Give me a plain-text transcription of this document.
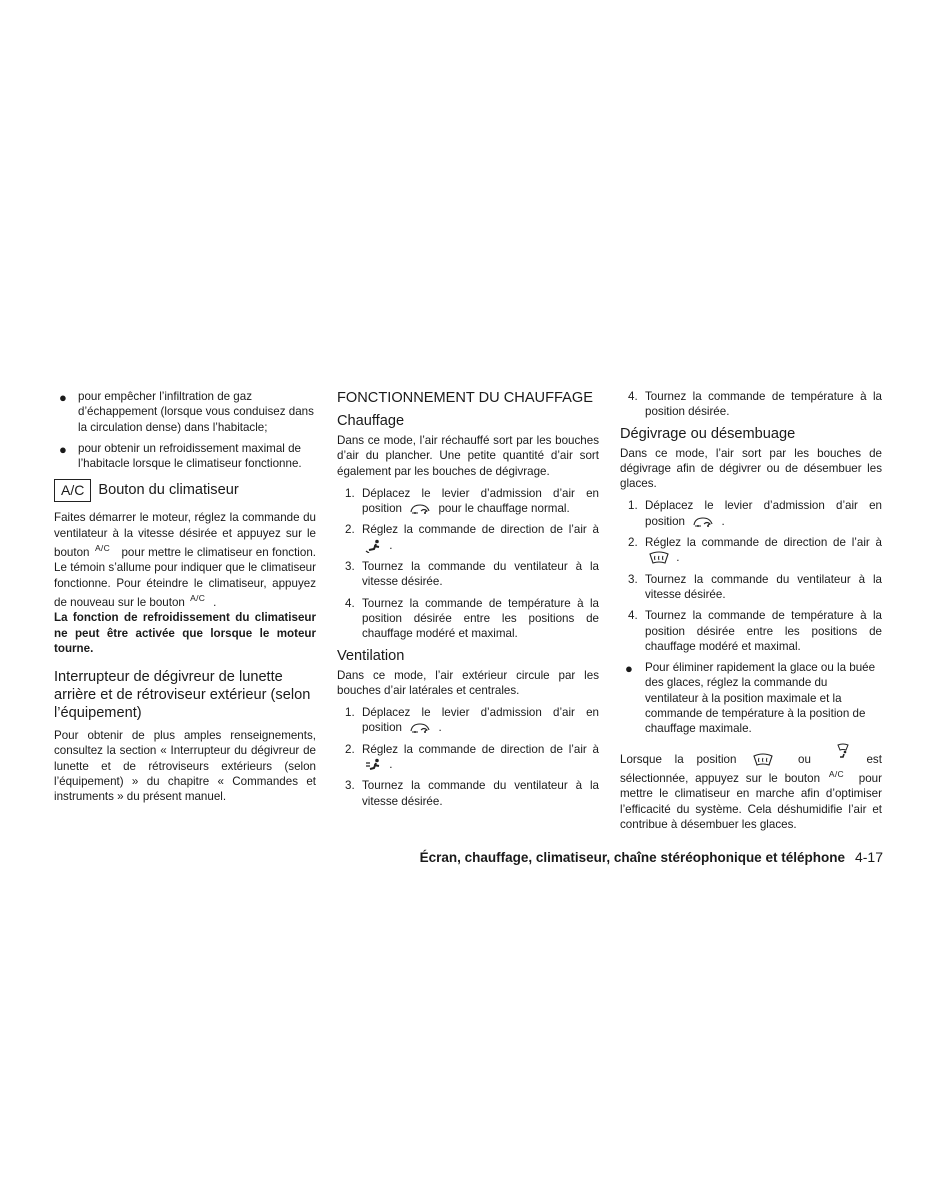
● pour empêcher l’infiltration de gaz d’échappement (lorsque vous conduisez dans la circulation dense) dans l’habitacle;
● pour obtenir un refroidissement maximal de l’habitacle lorsque le climatiseur fonctionne.
A/C Bouton du climatiseur

Faites démarrer le moteur, réglez la commande du ventilateur à la vitesse désirée et appuyez sur le bouton $^{A/C}$ pour mettre le climatiseur en fonction. Le témoin s’allume pour indiquer que le climatiseur fonctionne. Pour éteindre le climatiseur, appuyez de nouveau sur le bouton $^{A/C}$ .

La fonction de refroidissement du climatiseur ne peut être activée que lorsque le moteur tourne.

Interrupteur de dégivreur de lunette arrière et de rétroviseur extérieur (selon l’équipement)

Pour obtenir de plus amples renseignements, consultez la section « Interrupteur du dégivreur de lunette et de rétroviseurs extérieurs (selon l’équipement) » du chapitre « Commandes et instruments » du présent manuel.

FONCTIONNEMENT DU CHAUFFAGE
Chauffage

Dans ce mode, l’air réchauffé sort par les bouches d’air du plancher. Une petite quantité d’air sort également par les bouches de dégivrage.

1. Déplacez le levier d’admission d’air en position	pour le chauffage normal.
2. Réglez la commande de direction de l’air à  .
3. Tournez la commande du ventilateur à la vitesse désirée.
4. Tournez la commande de température à la position désirée entre les positions de chauffage modéré et maximal.
Ventilation

Dans ce mode, l’air extérieur circule par les bouches d’air latérales et centrales.

1. Déplacez le levier d’admission d’air en position	.
2. Réglez la commande de direction de l’air à  .
3. Tournez la commande du ventilateur à la vitesse désirée.
4. Tournez la commande de température à la position désirée.
Dégivrage ou désembuage

Dans ce mode, l’air sort par les bouches de dégivrage afin de dégivrer ou de désembuer les glaces.

1. Déplacez le levier d’admission d’air en position	.
2. Réglez la commande de direction de l’air à  .
3. Tournez la commande du ventilateur à la vitesse désirée.
4. Tournez la commande de température à la position désirée entre les positions de chauffage modéré et maximal.
● Pour éliminer rapidement la glace ou la buée des glaces, réglez la commande du ventilateur à la position maximale et la commande de température à la position de chauffage maximale.

Lorsque la position	ou	est sélectionnée, appuyez sur le bouton $^{A/C}$ pour mettre le climatiseur en marche afin d’optimiser l’efficacité du système. Cela déshumidifie l’air et contribue à désembuer les glaces.

Écran, chauffage, climatiseur, chaîne stéréophonique et téléphone 4-17
